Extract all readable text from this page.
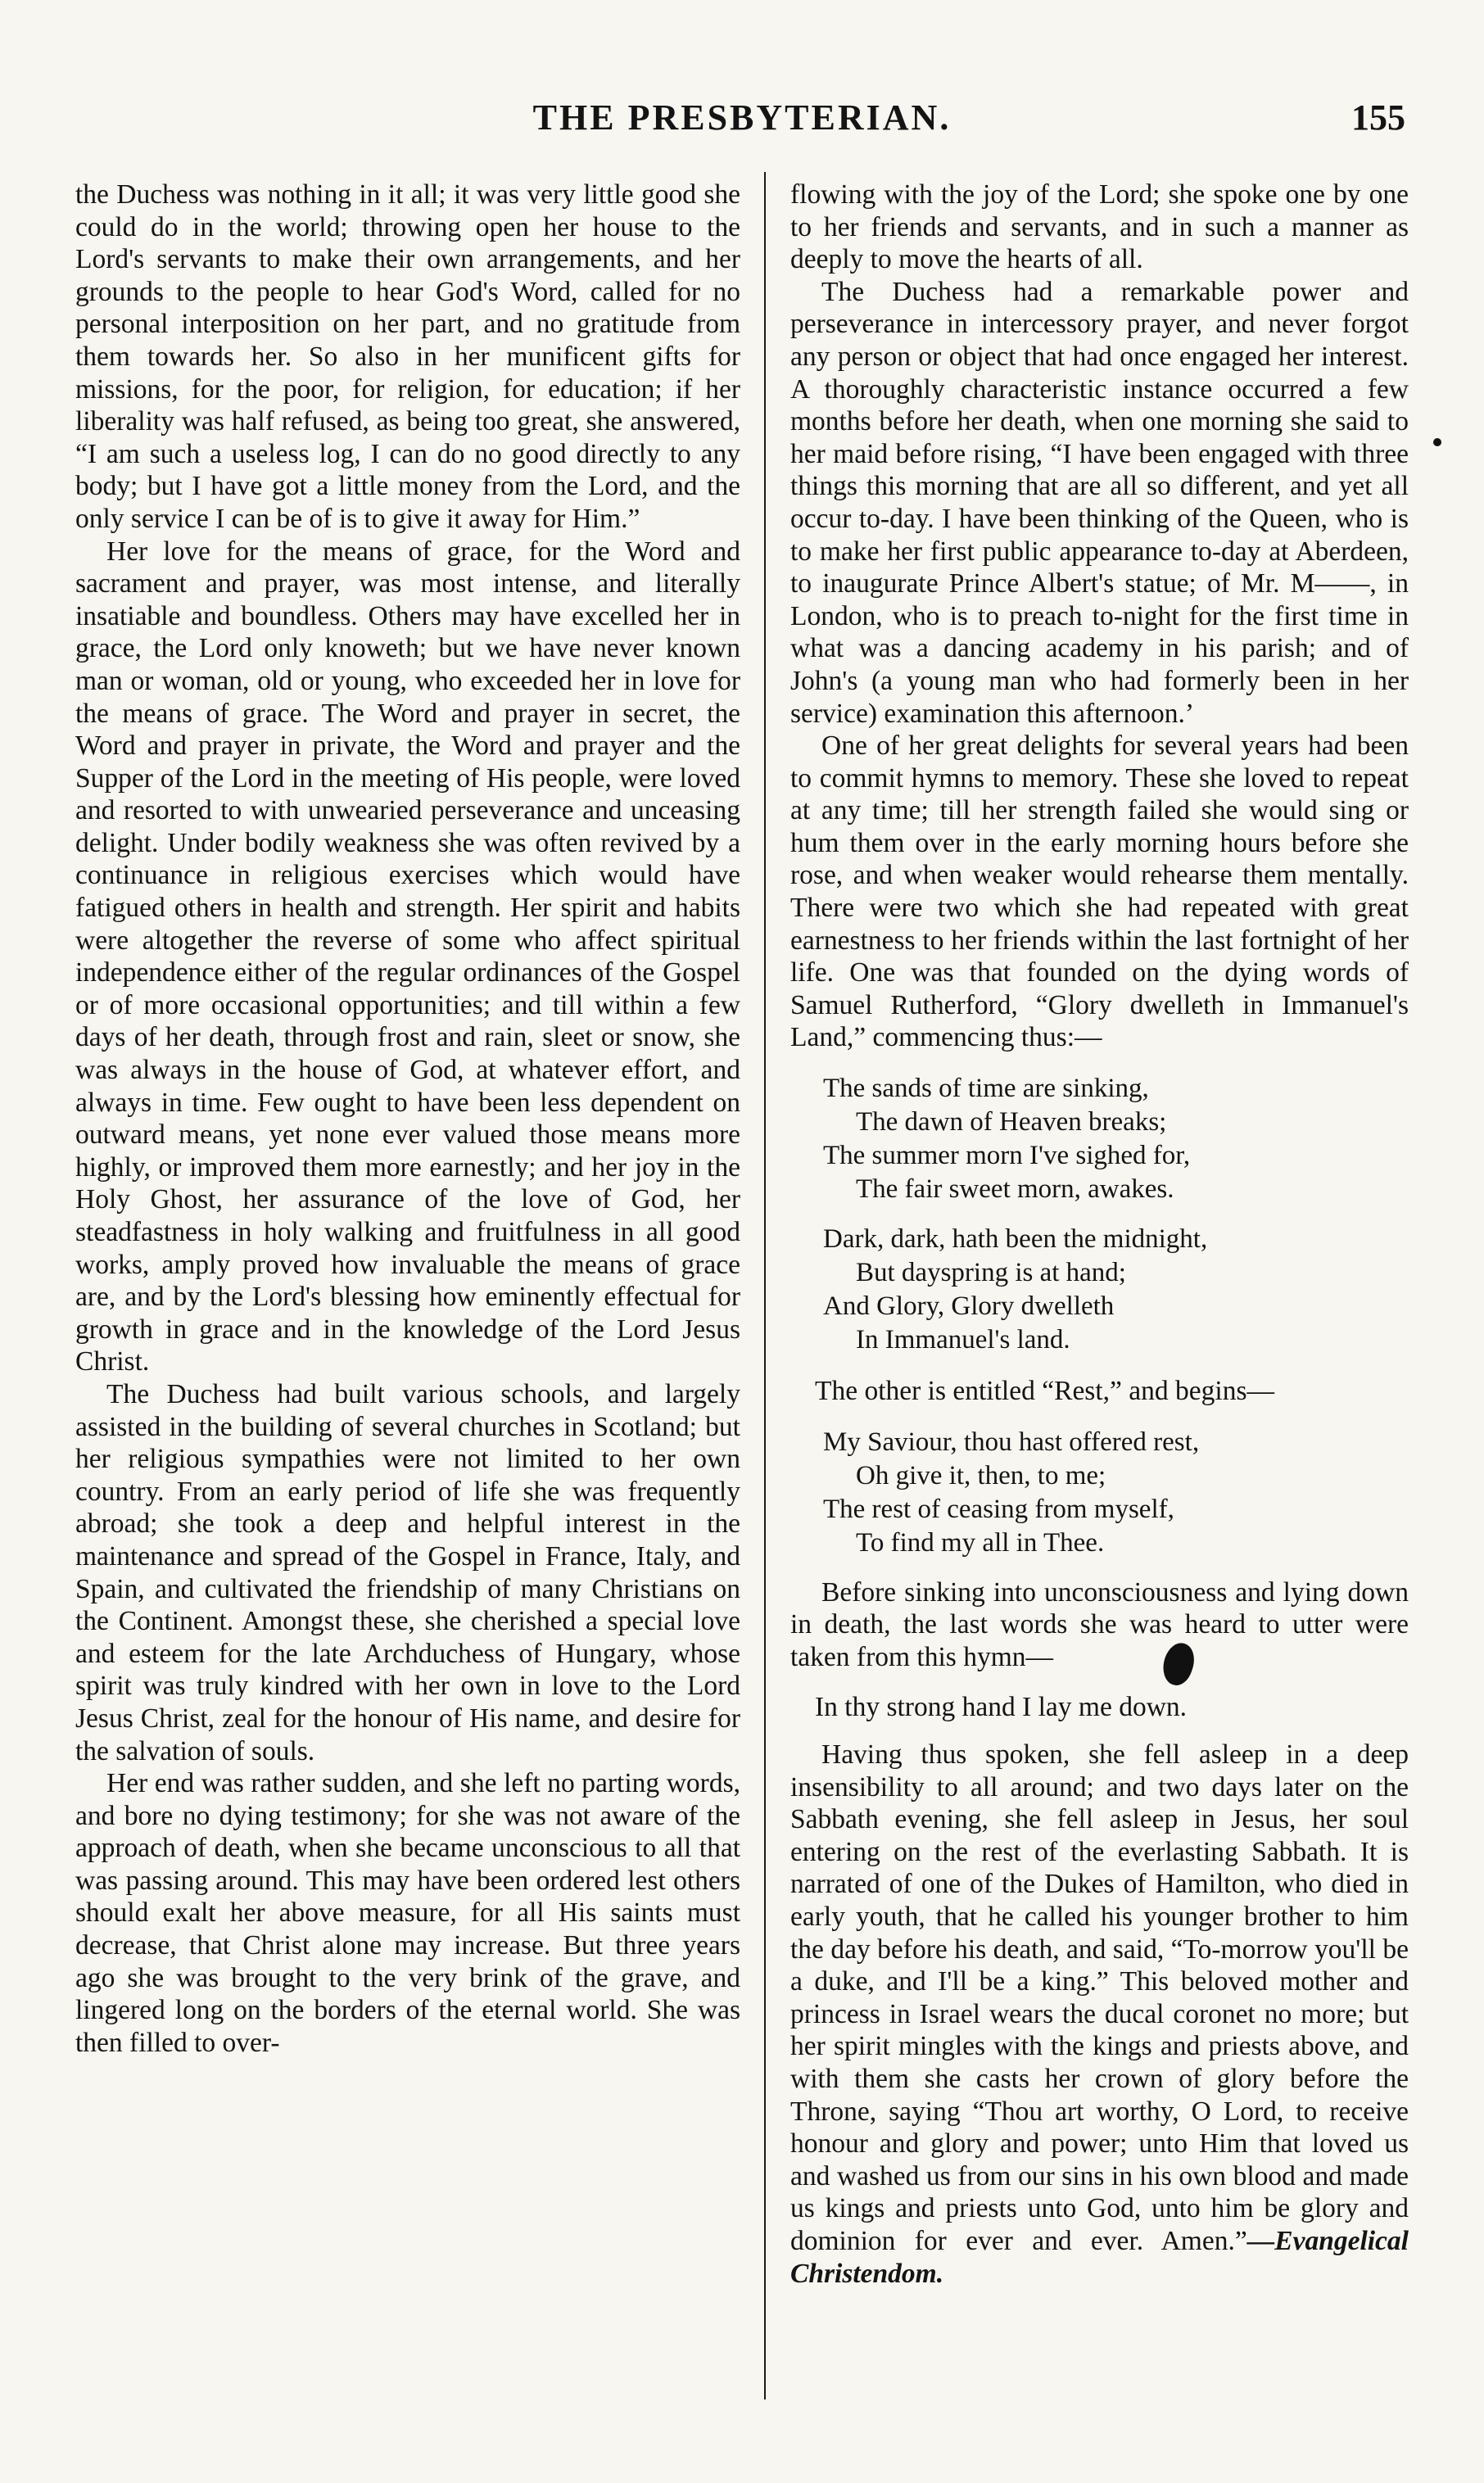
THE PRESBYTERIAN.	155

the Duchess was nothing in it all; it was very little good she could do in the world; throwing open her house to the Lord's servants to make their own arrangements, and her grounds to the people to hear God's Word, called for no personal interposition on her part, and no gratitude from them towards her. So also in her munificent gifts for missions, for the poor, for religion, for education; if her liberality was half refused, as being too great, she answered, “I am such a useless log, I can do no good directly to any body; but I have got a little money from the Lord, and the only service I can be of is to give it away for Him.”

Her love for the means of grace, for the Word and sacrament and prayer, was most intense, and literally insatiable and boundless. Others may have excelled her in grace, the Lord only knoweth; but we have never known man or woman, old or young, who exceeded her in love for the means of grace. The Word and prayer in secret, the Word and prayer in private, the Word and prayer and the Supper of the Lord in the meeting of His people, were loved and resorted to with unwearied perseverance and unceasing delight. Under bodily weakness she was often revived by a continuance in religious exercises which would have fatigued others in health and strength. Her spirit and habits were altogether the reverse of some who affect spiritual independence either of the regular ordinances of the Gospel or of more occasional opportunities; and till within a few days of her death, through frost and rain, sleet or snow, she was always in the house of God, at whatever effort, and always in time. Few ought to have been less dependent on outward means, yet none ever valued those means more highly, or improved them more earnestly; and her joy in the Holy Ghost, her assurance of the love of God, her steadfastness in holy walking and fruitfulness in all good works, amply proved how invaluable the means of grace are, and by the Lord's blessing how eminently effectual for growth in grace and in the knowledge of the Lord Jesus Christ.

The Duchess had built various schools, and largely assisted in the building of several churches in Scotland; but her religious sympathies were not limited to her own country. From an early period of life she was frequently abroad; she took a deep and helpful interest in the maintenance and spread of the Gospel in France, Italy, and Spain, and cultivated the friendship of many Christians on the Continent. Amongst these, she cherished a special love and esteem for the late Archduchess of Hungary, whose spirit was truly kindred with her own in love to the Lord Jesus Christ, zeal for the honour of His name, and desire for the salvation of souls.

Her end was rather sudden, and she left no parting words, and bore no dying testimony; for she was not aware of the approach of death, when she became unconscious to all that was passing around. This may have been ordered lest others should exalt her above measure, for all His saints must decrease, that Christ alone may increase. But three years ago she was brought to the very brink of the grave, and lingered long on the borders of the eternal world. She was then filled to over-

flowing with the joy of the Lord; she spoke one by one to her friends and servants, and in such a manner as deeply to move the hearts of all.

The Duchess had a remarkable power and perseverance in intercessory prayer, and never forgot any person or object that had once engaged her interest. A thoroughly characteristic instance occurred a few months before her death, when one morning she said to her maid before rising, “I have been engaged with three things this morning that are all so different, and yet all occur to-day. I have been thinking of the Queen, who is to make her first public appearance to-day at Aberdeen, to inaugurate Prince Albert's statue; of Mr. M——, in London, who is to preach to-night for the first time in what was a dancing academy in his parish; and of John's (a young man who had formerly been in her service) examination this afternoon.’

One of her great delights for several years had been to commit hymns to memory. These she loved to repeat at any time; till her strength failed she would sing or hum them over in the early morning hours before she rose, and when weaker would rehearse them mentally. There were two which she had repeated with great earnestness to her friends within the last fortnight of her life. One was that founded on the dying words of Samuel Rutherford, “Glory dwelleth in Immanuel's Land,” commencing thus:—

The sands of time are sinking,
The dawn of Heaven breaks;
The summer morn I've sighed for,
The fair sweet morn, awakes.
Dark, dark, hath been the midnight,
But dayspring is at hand;
And Glory, Glory dwelleth
In Immanuel's land.

The other is entitled “Rest,” and begins—

My Saviour, thou hast offered rest,
Oh give it, then, to me;
The rest of ceasing from myself,
To find my all in Thee.

Before sinking into unconsciousness and lying down in death, the last words she was heard to utter were taken from this hymn—

In thy strong hand I lay me down.

Having thus spoken, she fell asleep in a deep insensibility to all around; and two days later on the Sabbath evening, she fell asleep in Jesus, her soul entering on the rest of the everlasting Sabbath. It is narrated of one of the Dukes of Hamilton, who died in early youth, that he called his younger brother to him the day before his death, and said, “To-morrow you'll be a duke, and I'll be a king.” This beloved mother and princess in Israel wears the ducal coronet no more; but her spirit mingles with the kings and priests above, and with them she casts her crown of glory before the Throne, saying “Thou art worthy, O Lord, to receive honour and glory and power; unto Him that loved us and washed us from our sins in his own blood and made us kings and priests unto God, unto him be glory and dominion for ever and ever. Amen.”—Evangelical Christendom.
